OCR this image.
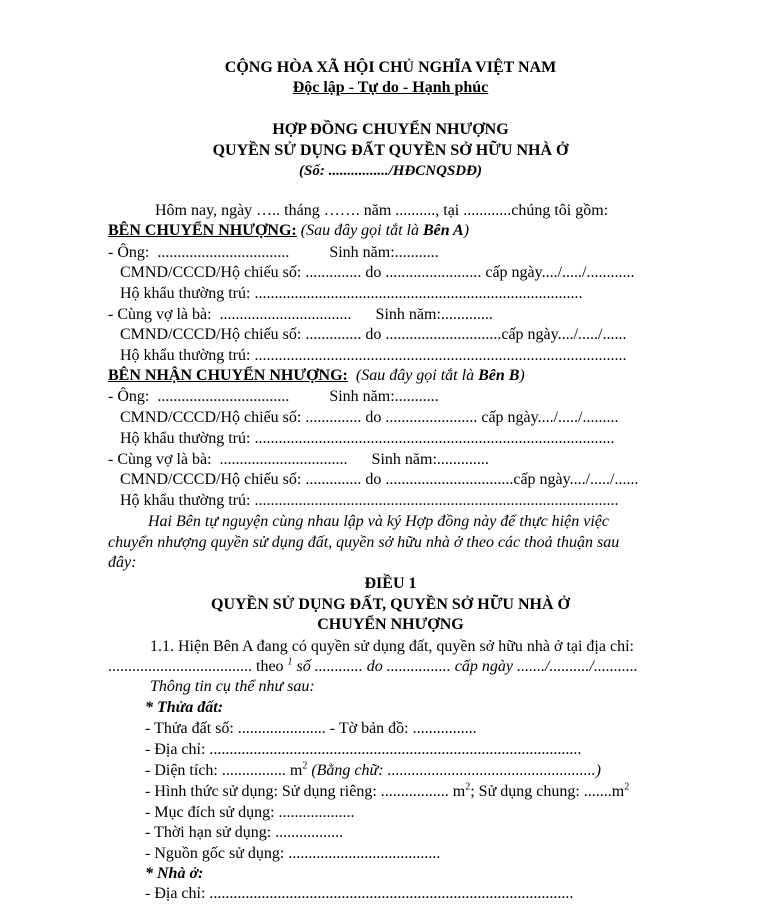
CỘNG HÒA XÃ HỘI CHỦ NGHĨA VIỆT NAM
Độc lập - Tự do - Hạnh phúc
HỢP ĐỒNG CHUYỂN NHƯỢNG
QUYỀN SỬ DỤNG ĐẤT QUYỀN SỞ HỮU NHÀ Ở
(Số: ................/HĐCNQSDĐ)
Hôm nay, ngày ….. tháng ……. năm .........., tại ............chúng tôi gồm:
BÊN CHUYỂN NHƯỢNG: (Sau đây gọi tắt là Bên A)
- Ông:  .................................          Sinh năm:...........
CMND/CCCD/Hộ chiếu số: .............. do ........................ cấp ngày..../...../............
Hộ khẩu thường trú: ..................................................................................
- Cùng vợ là bà:  .................................      Sinh năm:.............
CMND/CCCD/Hộ chiếu số: .............. do .............................cấp ngày..../...../......
Hộ khẩu thường trú: .............................................................................................
BÊN NHẬN CHUYỂN NHƯỢNG:  (Sau đây gọi tắt là Bên B)
- Ông:  .................................          Sinh năm:...........
CMND/CCCD/Hộ chiếu số: .............. do ....................... cấp ngày..../...../.........
Hộ khẩu thường trú: ..........................................................................................
- Cùng vợ là bà:  ................................      Sinh năm:.............
CMND/CCCD/Hộ chiếu số: .............. do ................................cấp ngày..../...../......
Hộ khẩu thường trú: ...........................................................................................
Hai Bên tự nguyện cùng nhau lập và ký Hợp đồng này để thực hiện việc
chuyển nhượng quyền sử dụng đất, quyền sở hữu nhà ở theo các thoả thuận sau
đây:
ĐIỀU 1
QUYỀN SỬ DỤNG ĐẤT, QUYỀN SỞ HỮU NHÀ Ở
CHUYỂN NHƯỢNG
1.1. Hiện Bên A đang có quyền sử dụng đất, quyền sở hữu nhà ở tại địa chỉ:
.................................... theo $^1$ số ............ do ................ cấp ngày ......./........../...........
Thông tin cụ thể như sau:
* Thửa đất:
- Thửa đất số: ...................... - Tờ bản đồ: ................
- Địa chỉ: .............................................................................................
- Diện tích: ................ $m^2$ (Bằng chữ: ....................................................)
- Hình thức sử dụng: Sử dụng riêng: ................. $m^2$; Sử dụng chung: $.......m^2$
- Mục đích sử dụng: ...................
- Thời hạn sử dụng: .................
- Nguồn gốc sử dụng: ......................................
* Nhà ở:
- Địa chỉ: ...........................................................................................
